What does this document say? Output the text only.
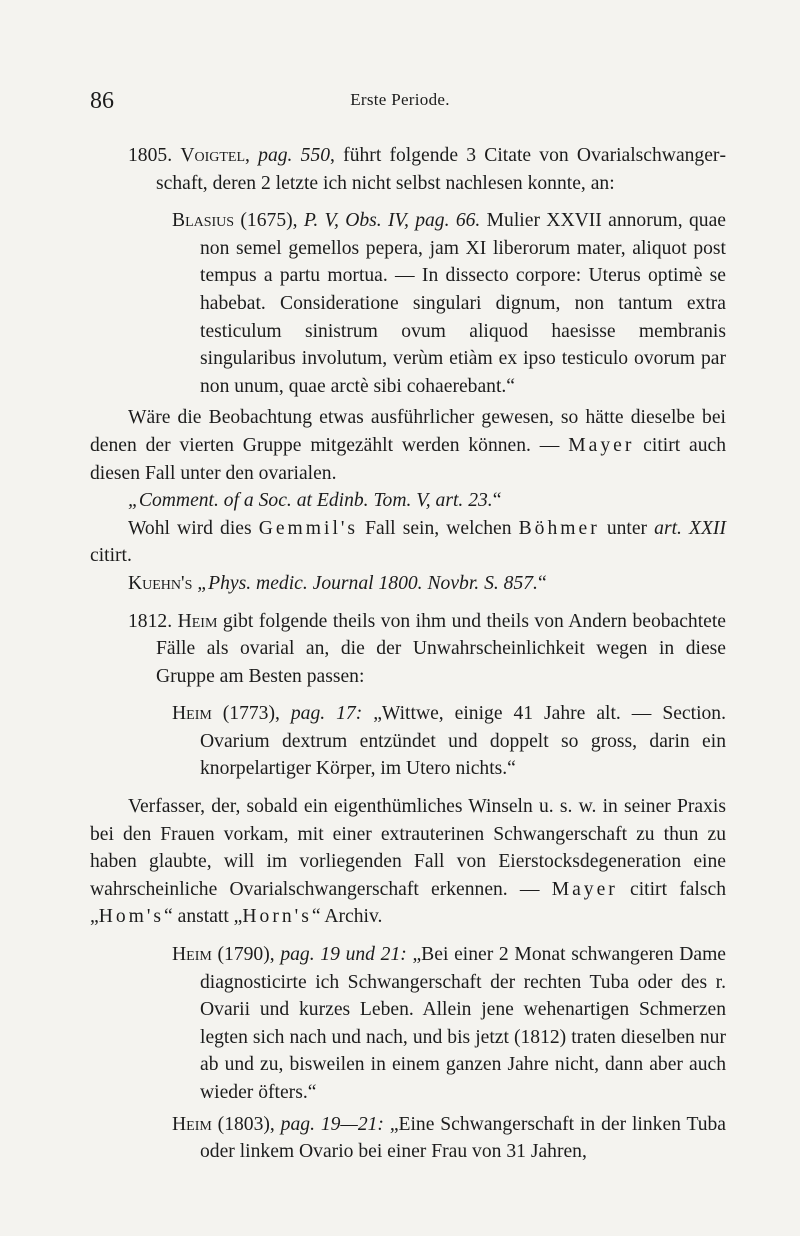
86	Erste Periode.

1805. Voigtel, pag. 550, führt folgende 3 Citate von Ovarialschwangerschaft, deren 2 letzte ich nicht selbst nachlesen konnte, an:

Blasius (1675), P. V, Obs. IV, pag. 66. Mulier XXVII annorum, quae non semel gemellos pepera, jam XI liberorum mater, aliquot post tempus a partu mortua. — In dissecto corpore: Uterus optimè se habebat. Consideratione singulari dignum, non tantum extra testiculum sinistrum ovum aliquod haesisse membranis singularibus involutum, verùm etiàm ex ipso testiculo ovorum par non unum, quae arctè sibi cohaerebant.“

Wäre die Beobachtung etwas ausführlicher gewesen, so hätte dieselbe bei denen der vierten Gruppe mitgezählt werden können. — Mayer citirt auch diesen Fall unter den ovarialen.

„Comment. of a Soc. at Edinb. Tom. V, art. 23.“

Wohl wird dies Gemmil's Fall sein, welchen Böhmer unter art. XXII citirt.

Kuehn's „Phys. medic. Journal 1800. Novbr. S. 857.“

1812. Heim gibt folgende theils von ihm und theils von Andern beobachtete Fälle als ovarial an, die der Unwahrscheinlichkeit wegen in diese Gruppe am Besten passen:

Heim (1773), pag. 17: „Wittwe, einige 41 Jahre alt. — Section. Ovarium dextrum entzündet und doppelt so gross, darin ein knorpelartiger Körper, im Utero nichts.“

Verfasser, der, sobald ein eigenthümliches Winseln u. s. w. in seiner Praxis bei den Frauen vorkam, mit einer extrauterinen Schwangerschaft zu thun zu haben glaubte, will im vorliegenden Fall von Eierstocksdegeneration eine wahrscheinliche Ovarialschwangerschaft erkennen. — Mayer citirt falsch „Hom's“ anstatt „Horn's“ Archiv.

Heim (1790), pag. 19 und 21: „Bei einer 2 Monat schwangeren Dame diagnosticirte ich Schwangerschaft der rechten Tuba oder des r. Ovarii und kurzes Leben. Allein jene wehenartigen Schmerzen legten sich nach und nach, und bis jetzt (1812) traten dieselben nur ab und zu, bisweilen in einem ganzen Jahre nicht, dann aber auch wieder öfters.“

Heim (1803), pag. 19—21: „Eine Schwangerschaft in der linken Tuba oder linkem Ovario bei einer Frau von 31 Jahren,
